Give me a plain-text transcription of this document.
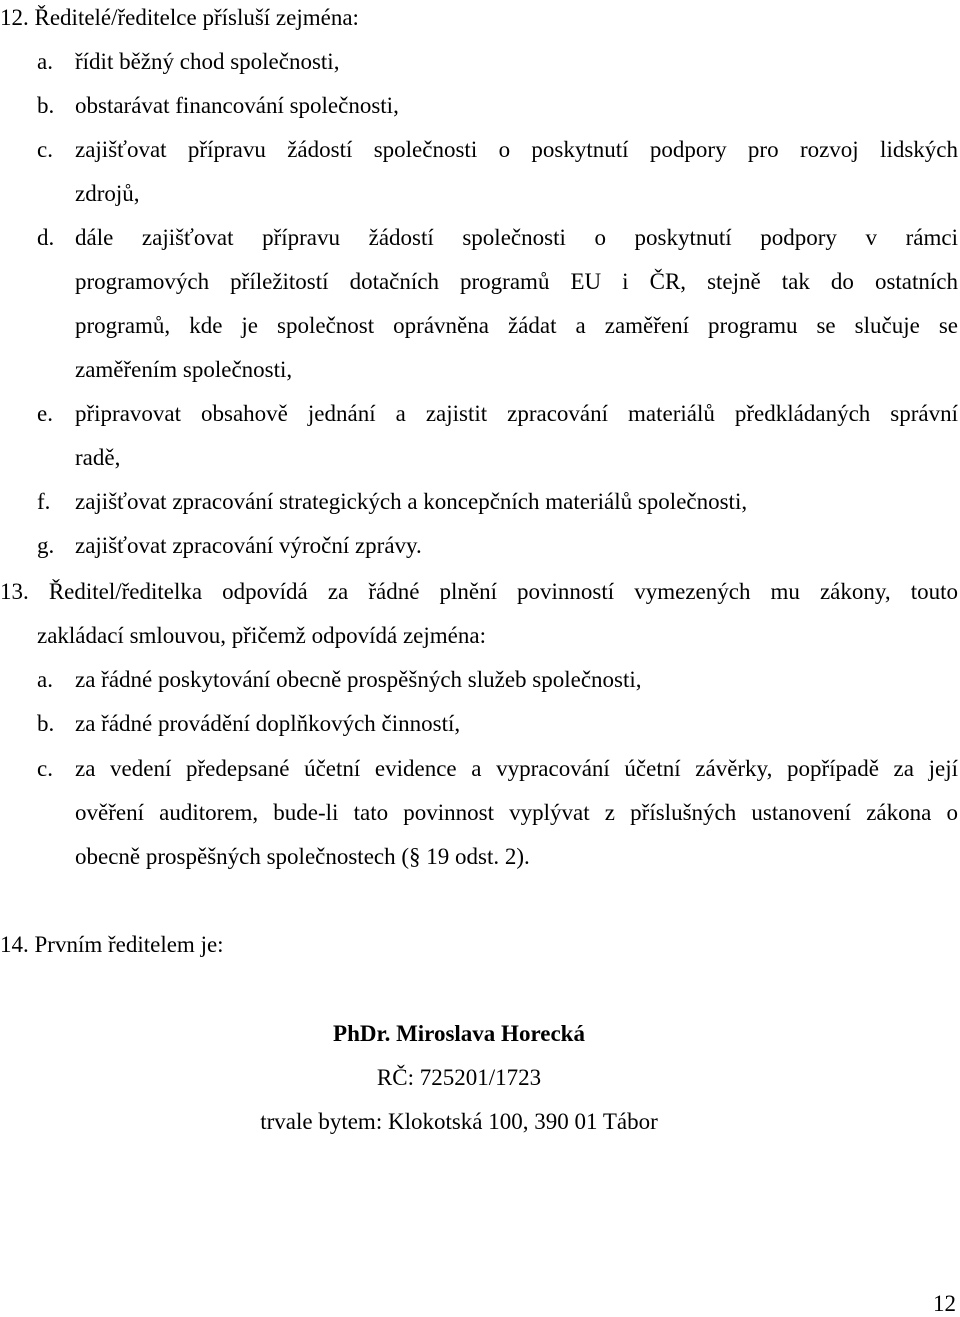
12. Ředitelé/ředitelce přísluší zejména:
a. řídit běžný chod společnosti,
b. obstarávat financování společnosti,
c. zajišťovat přípravu žádostí společnosti o poskytnutí podpory pro rozvoj lidských
zdrojů,
d. dále zajišťovat přípravu žádostí společnosti o poskytnutí podpory v rámci
programových příležitostí dotačních programů EU i ČR, stejně tak do ostatních
programů, kde je společnost oprávněna žádat a zaměření programu se slučuje se
zaměřením společnosti,
e. připravovat obsahově jednání a zajistit zpracování materiálů předkládaných správní
radě,
f. zajišťovat zpracování strategických a koncepčních materiálů společnosti,
g. zajišťovat zpracování výroční zprávy.
13. Ředitel/ředitelka odpovídá za řádné plnění povinností vymezených mu zákony, touto
zakládací smlouvou, přičemž odpovídá zejména:
a. za řádné poskytování obecně prospěšných služeb společnosti,
b. za řádné provádění doplňkových činností,
c. za vedení předepsané účetní evidence a vypracování účetní závěrky, popřípadě za její
ověření auditorem, bude-li tato povinnost vyplývat z příslušných ustanovení zákona o
obecně prospěšných společnostech (§ 19 odst. 2).
14. Prvním ředitelem je:
PhDr. Miroslava Horecká
RČ: 725201/1723
trvale bytem: Klokotská 100, 390 01 Tábor
12
